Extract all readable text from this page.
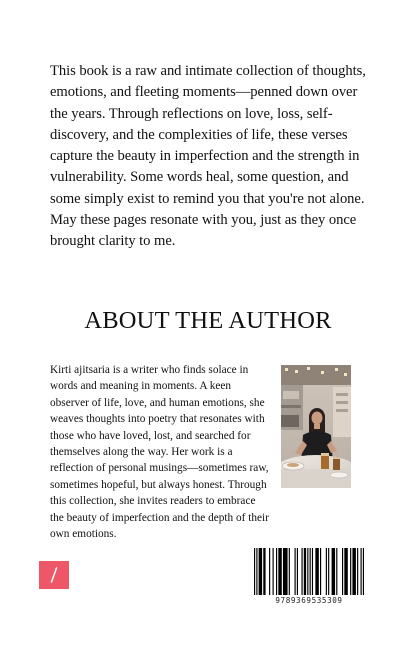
This book is a raw and intimate collection of thoughts, emotions, and fleeting moments—penned down over the years. Through reflections on love, loss, self-discovery, and the complexities of life, these verses capture the beauty in imperfection and the strength in vulnerability. Some words heal, some question, and some simply exist to remind you that you're not alone. May these pages resonate with you, just as they once brought clarity to me.

ABOUT THE AUTHOR

Kirti ajitsaria is a writer who finds solace in words and meaning in moments. A keen observer of life, love, and human emotions, she weaves thoughts into poetry that resonates with those who have loved, lost, and searched for themselves along the way. Her work is a reflection of personal musings—sometimes raw, sometimes hopeful, but always honest. Through this collection, she invites readers to embrace the beauty of imperfection and the depth of their own emotions.

9789369535309
